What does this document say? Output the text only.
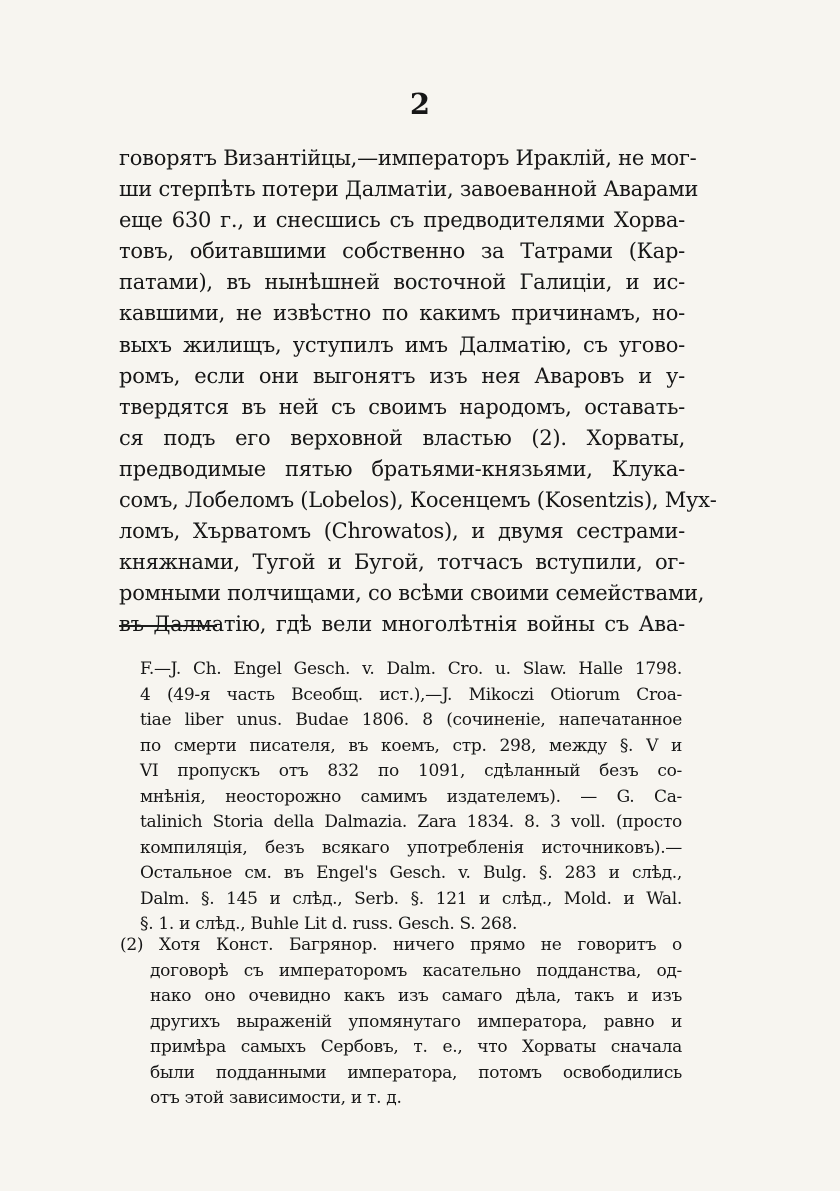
2
говорятъ Византiйцы,—императоръ Ираклiй, не мог-
ши стерпѣть потери Далматiи, завоеванной Аварами
еще 630 г., и снесшись съ предводителями Хорва-
товъ, обитавшими собственно за Татрами (Кар-
патами), въ нынѣшней восточной Галицiи, и ис-
кавшими, не извѣстно по какимъ причинамъ, но-
выхъ жилищъ, уступилъ имъ Далматiю, съ уговo-
ромъ, если они выгонятъ изъ нея Аваровъ и у-
твердятся въ ней съ своимъ народомъ, оставать-
ся подъ его верховной властью (2). Хорваты,
предводимые пятью братьями-князьями, Клука-
сомъ, Лобеломъ (Lobelos), Косенцемъ (Kosentzis), Мух-
ломъ, Хърватомъ (Chrowatos), и двумя сестрами-
княжнами, Тугой и Бугой, тотчасъ вступили, ог-
ромными полчищами, со всѣми своими семействами,
въ Далматiю, гдѣ вели многолѣтнiя войны съ Ава-
F.—J. Ch. Engel Gesch. v. Dalm. Cro. u. Slaw. Halle 1798.
4 (49-я часть Всеобщ. ист.),—J. Mikoczi Otiorum Croa-
tiae liber unus. Budae 1806. 8 (сочиненiе, напечатанное
по смерти писателя, въ коемъ, стр. 298, между §. V и
VI пропускъ отъ 832 по 1091, сдѣланный безъ со-
мнѣнiя, неосторожно самимъ издателемъ). — G. Ca-
talinich Storia della Dalmazia. Zara 1834. 8. 3 voll. (просто
компиляцiя, безъ всякаго употребленiя источниковъ).—
Остальное см. въ Engel's Gesch. v. Bulg. §. 283 и слѣд.,
Dalm. §. 145 и слѣд., Serb. §. 121 и слѣд., Mold. и Wal.
§. 1. и слѣд., Buhle Lit d. russ. Gesch. S. 268.
(2) Хотя Конст. Багрянор. ничего прямо не говоритъ о
договорѣ съ императоромъ касательно подданства, од-
нако оно очевидно какъ изъ самаго дѣла, такъ и изъ
другихъ выраженiй упомянутаго императора, равно и
примѣра самыхъ Сербовъ, т. е., что Хорваты сначала
были подданными императора, потомъ освободились
отъ этой зависимости, и т. д.
